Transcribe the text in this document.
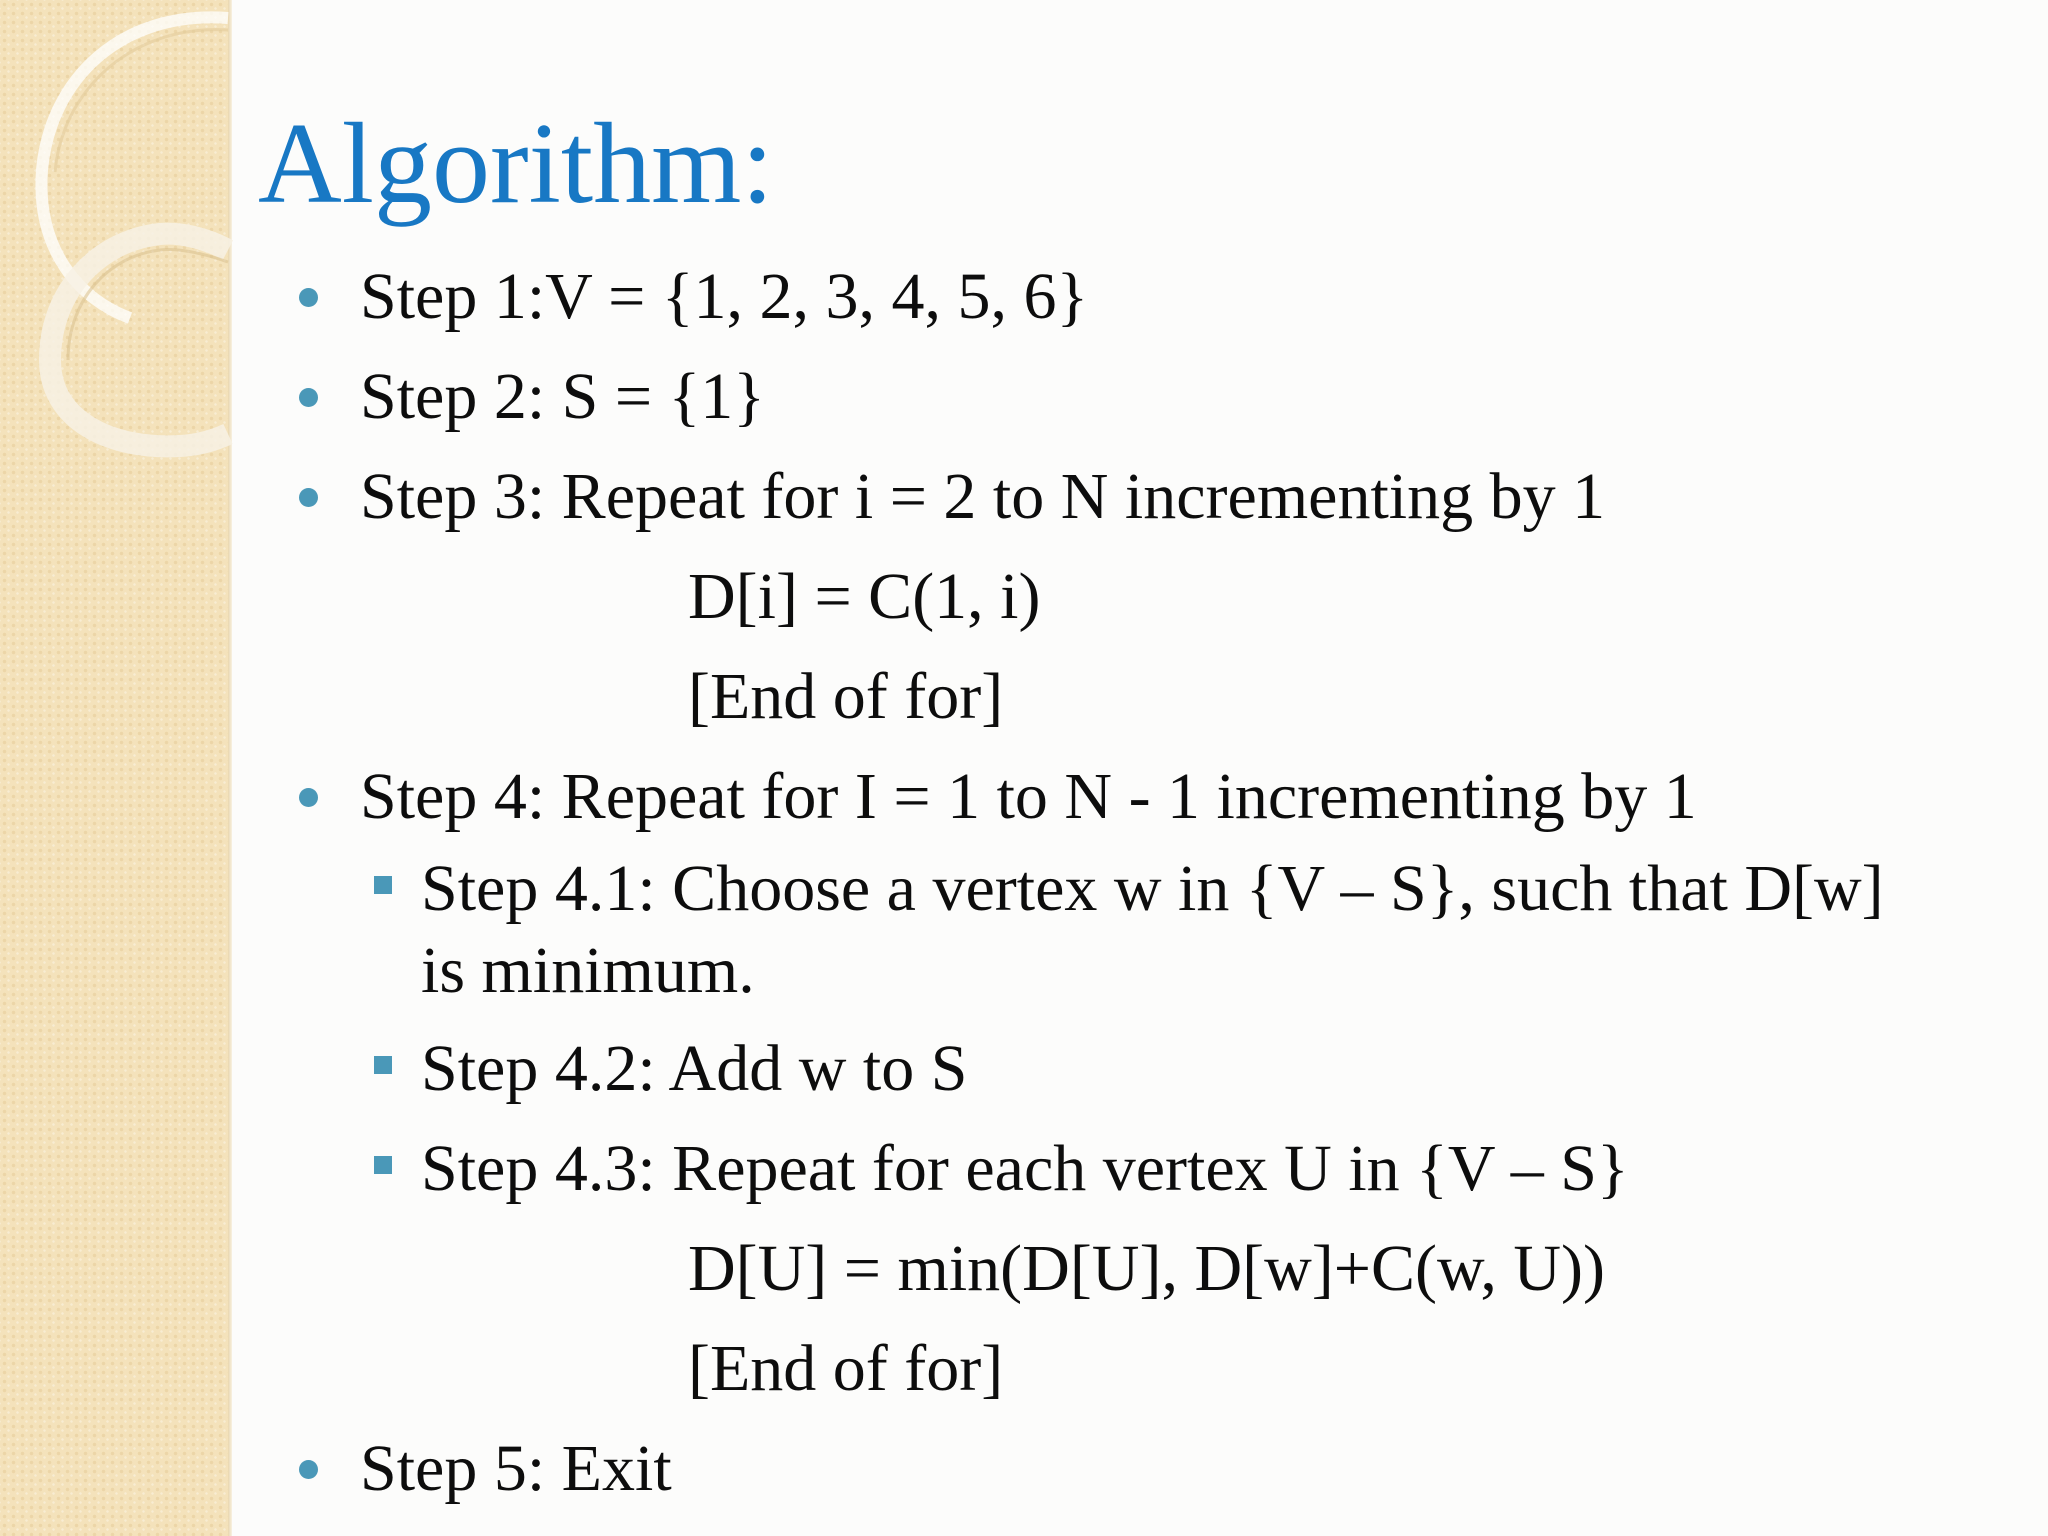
Algorithm:

Step 1:V = {1, 2, 3, 4, 5, 6}

Step 2: S = {1}

Step 3: Repeat for i = 2 to N incrementing by 1

D[i] = C(1, i)

[End of for]

Step 4: Repeat for I = 1 to N - 1 incrementing by 1

Step 4.1: Choose a vertex w in {V – S}, such that D[w]

is minimum.

Step 4.2: Add w to S

Step 4.3: Repeat for each vertex U in {V – S}

D[U] = min(D[U], D[w]+C(w, U))

[End of for]

Step 5: Exit
